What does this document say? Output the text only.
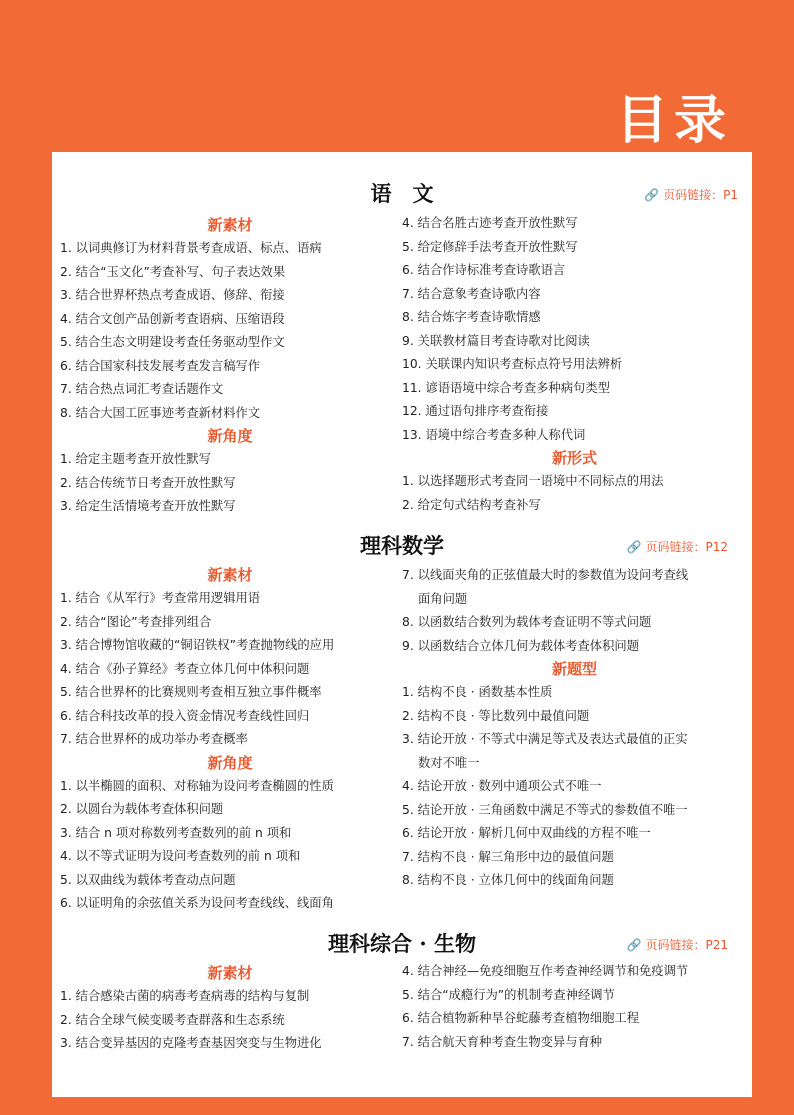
目录
语　文	🔗 页码链接：P1
新素材
1. 以词典修订为材料背景考查成语、标点、语病
2. 结合“玉文化”考查补写、句子表达效果
3. 结合世界杯热点考查成语、修辞、衔接
4. 结合文创产品创新考查语病、压缩语段
5. 结合生态文明建设考查任务驱动型作文
6. 结合国家科技发展考查发言稿写作
7. 结合热点词汇考查话题作文
8. 结合大国工匠事迹考查新材料作文
新角度
1. 给定主题考查开放性默写
2. 结合传统节日考查开放性默写
3. 给定生活情境考查开放性默写
4. 结合名胜古迹考查开放性默写
5. 给定修辞手法考查开放性默写
6. 结合作诗标准考查诗歌语言
7. 结合意象考查诗歌内容
8. 结合炼字考查诗歌情感
9. 关联教材篇目考查诗歌对比阅读
10. 关联课内知识考查标点符号用法辨析
11. 谚语语境中综合考查多种病句类型
12. 通过语句排序考查衔接
13. 语境中综合考查多种人称代词
新形式
1. 以选择题形式考查同一语境中不同标点的用法
2. 给定句式结构考查补写
理科数学	🔗 页码链接：P12
新素材
1. 结合《从军行》考查常用逻辑用语
2. 结合“图论”考查排列组合
3. 结合博物馆收藏的“铜诏铁权”考查抛物线的应用
4. 结合《孙子算经》考查立体几何中体积问题
5. 结合世界杯的比赛规则考查相互独立事件概率
6. 结合科技改革的投入资金情况考查线性回归
7. 结合世界杯的成功举办考查概率
新角度
1. 以半椭圆的面积、对称轴为设问考查椭圆的性质
2. 以圆台为载体考查体积问题
3. 结合 n 项对称数列考查数列的前 n 项和
4. 以不等式证明为设问考查数列的前 n 项和
5. 以双曲线为载体考查动点问题
6. 以证明角的余弦值关系为设问考查线线、线面角
7. 以线面夹角的正弦值最大时的参数值为设问考查线
面角问题
8. 以函数结合数列为载体考查证明不等式问题
9. 以函数结合立体几何为载体考查体积问题
新题型
1. 结构不良 · 函数基本性质
2. 结构不良 · 等比数列中最值问题
3. 结论开放 · 不等式中满足等式及表达式最值的正实
数对不唯一
4. 结论开放 · 数列中通项公式不唯一
5. 结论开放 · 三角函数中满足不等式的参数值不唯一
6. 结论开放 · 解析几何中双曲线的方程不唯一
7. 结构不良 · 解三角形中边的最值问题
8. 结构不良 · 立体几何中的线面角问题
理科综合 · 生物	🔗 页码链接：P21
新素材
1. 结合感染古菌的病毒考查病毒的结构与复制
2. 结合全球气候变暖考查群落和生态系统
3. 结合变异基因的克隆考查基因突变与生物进化
4. 结合神经—免疫细胞互作考查神经调节和免疫调节
5. 结合“成瘾行为”的机制考查神经调节
6. 结合植物新种旱谷蛇藤考查植物细胞工程
7. 结合航天育种考查生物变异与育种
